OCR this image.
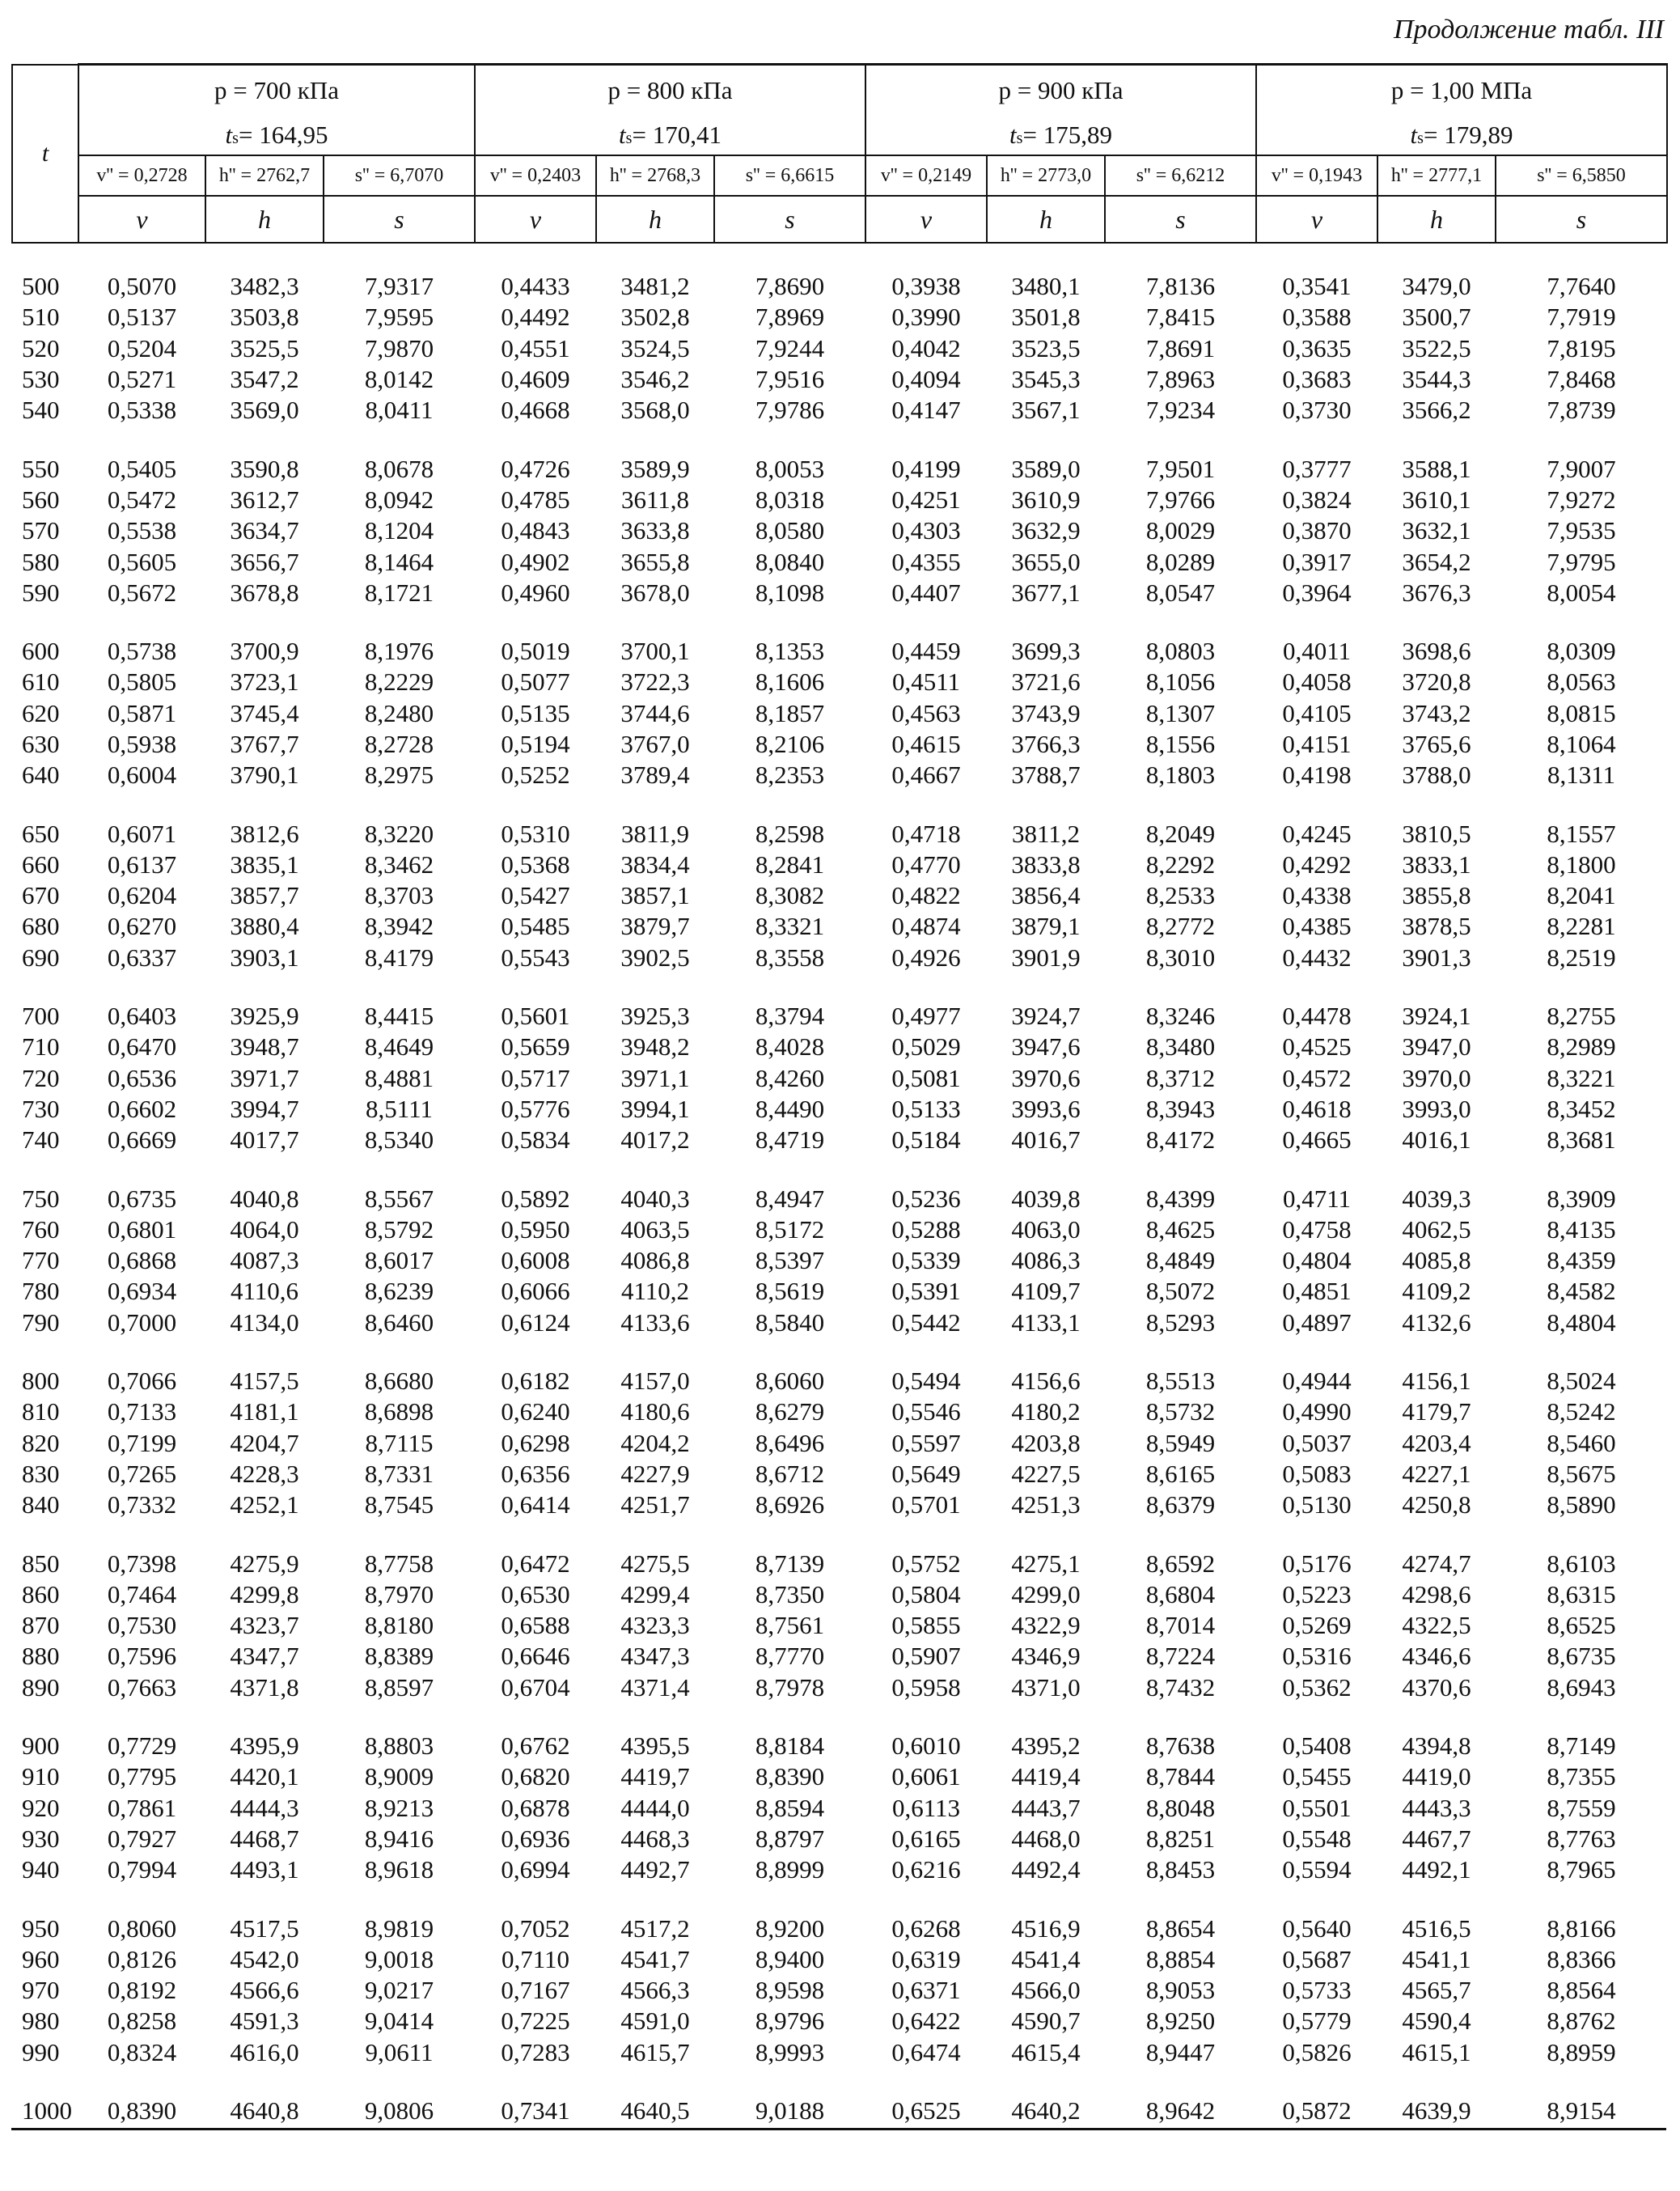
Продолжение табл. III
t	p = 700 кПа			p = 800 кПа			p = 900 кПа			p = 1,00 МПа		
	ts= 164,95			ts= 170,41			ts= 175,89			ts= 179,89		
	v'' = 0,2728	h'' = 2762,7	s'' = 6,7070	v'' = 0,2403	h'' = 2768,3	s'' = 6,6615	v'' = 0,2149	h'' = 2773,0	s'' = 6,6212	v'' = 0,1943	h'' = 2777,1	s'' = 6,5850
	v	h	s	v	h	s	v	h	s	v	h	s

500	0,5070	3482,3	7,9317	0,4433	3481,2	7,8690	0,3938	3480,1	7,8136	0,3541	3479,0	7,7640
510	0,5137	3503,8	7,9595	0,4492	3502,8	7,8969	0,3990	3501,8	7,8415	0,3588	3500,7	7,7919
520	0,5204	3525,5	7,9870	0,4551	3524,5	7,9244	0,4042	3523,5	7,8691	0,3635	3522,5	7,8195
530	0,5271	3547,2	8,0142	0,4609	3546,2	7,9516	0,4094	3545,3	7,8963	0,3683	3544,3	7,8468
540	0,5338	3569,0	8,0411	0,4668	3568,0	7,9786	0,4147	3567,1	7,9234	0,3730	3566,2	7,8739

550	0,5405	3590,8	8,0678	0,4726	3589,9	8,0053	0,4199	3589,0	7,9501	0,3777	3588,1	7,9007
560	0,5472	3612,7	8,0942	0,4785	3611,8	8,0318	0,4251	3610,9	7,9766	0,3824	3610,1	7,9272
570	0,5538	3634,7	8,1204	0,4843	3633,8	8,0580	0,4303	3632,9	8,0029	0,3870	3632,1	7,9535
580	0,5605	3656,7	8,1464	0,4902	3655,8	8,0840	0,4355	3655,0	8,0289	0,3917	3654,2	7,9795
590	0,5672	3678,8	8,1721	0,4960	3678,0	8,1098	0,4407	3677,1	8,0547	0,3964	3676,3	8,0054

600	0,5738	3700,9	8,1976	0,5019	3700,1	8,1353	0,4459	3699,3	8,0803	0,4011	3698,6	8,0309
610	0,5805	3723,1	8,2229	0,5077	3722,3	8,1606	0,4511	3721,6	8,1056	0,4058	3720,8	8,0563
620	0,5871	3745,4	8,2480	0,5135	3744,6	8,1857	0,4563	3743,9	8,1307	0,4105	3743,2	8,0815
630	0,5938	3767,7	8,2728	0,5194	3767,0	8,2106	0,4615	3766,3	8,1556	0,4151	3765,6	8,1064
640	0,6004	3790,1	8,2975	0,5252	3789,4	8,2353	0,4667	3788,7	8,1803	0,4198	3788,0	8,1311

650	0,6071	3812,6	8,3220	0,5310	3811,9	8,2598	0,4718	3811,2	8,2049	0,4245	3810,5	8,1557
660	0,6137	3835,1	8,3462	0,5368	3834,4	8,2841	0,4770	3833,8	8,2292	0,4292	3833,1	8,1800
670	0,6204	3857,7	8,3703	0,5427	3857,1	8,3082	0,4822	3856,4	8,2533	0,4338	3855,8	8,2041
680	0,6270	3880,4	8,3942	0,5485	3879,7	8,3321	0,4874	3879,1	8,2772	0,4385	3878,5	8,2281
690	0,6337	3903,1	8,4179	0,5543	3902,5	8,3558	0,4926	3901,9	8,3010	0,4432	3901,3	8,2519

700	0,6403	3925,9	8,4415	0,5601	3925,3	8,3794	0,4977	3924,7	8,3246	0,4478	3924,1	8,2755
710	0,6470	3948,7	8,4649	0,5659	3948,2	8,4028	0,5029	3947,6	8,3480	0,4525	3947,0	8,2989
720	0,6536	3971,7	8,4881	0,5717	3971,1	8,4260	0,5081	3970,6	8,3712	0,4572	3970,0	8,3221
730	0,6602	3994,7	8,5111	0,5776	3994,1	8,4490	0,5133	3993,6	8,3943	0,4618	3993,0	8,3452
740	0,6669	4017,7	8,5340	0,5834	4017,2	8,4719	0,5184	4016,7	8,4172	0,4665	4016,1	8,3681

750	0,6735	4040,8	8,5567	0,5892	4040,3	8,4947	0,5236	4039,8	8,4399	0,4711	4039,3	8,3909
760	0,6801	4064,0	8,5792	0,5950	4063,5	8,5172	0,5288	4063,0	8,4625	0,4758	4062,5	8,4135
770	0,6868	4087,3	8,6017	0,6008	4086,8	8,5397	0,5339	4086,3	8,4849	0,4804	4085,8	8,4359
780	0,6934	4110,6	8,6239	0,6066	4110,2	8,5619	0,5391	4109,7	8,5072	0,4851	4109,2	8,4582
790	0,7000	4134,0	8,6460	0,6124	4133,6	8,5840	0,5442	4133,1	8,5293	0,4897	4132,6	8,4804

800	0,7066	4157,5	8,6680	0,6182	4157,0	8,6060	0,5494	4156,6	8,5513	0,4944	4156,1	8,5024
810	0,7133	4181,1	8,6898	0,6240	4180,6	8,6279	0,5546	4180,2	8,5732	0,4990	4179,7	8,5242
820	0,7199	4204,7	8,7115	0,6298	4204,2	8,6496	0,5597	4203,8	8,5949	0,5037	4203,4	8,5460
830	0,7265	4228,3	8,7331	0,6356	4227,9	8,6712	0,5649	4227,5	8,6165	0,5083	4227,1	8,5675
840	0,7332	4252,1	8,7545	0,6414	4251,7	8,6926	0,5701	4251,3	8,6379	0,5130	4250,8	8,5890

850	0,7398	4275,9	8,7758	0,6472	4275,5	8,7139	0,5752	4275,1	8,6592	0,5176	4274,7	8,6103
860	0,7464	4299,8	8,7970	0,6530	4299,4	8,7350	0,5804	4299,0	8,6804	0,5223	4298,6	8,6315
870	0,7530	4323,7	8,8180	0,6588	4323,3	8,7561	0,5855	4322,9	8,7014	0,5269	4322,5	8,6525
880	0,7596	4347,7	8,8389	0,6646	4347,3	8,7770	0,5907	4346,9	8,7224	0,5316	4346,6	8,6735
890	0,7663	4371,8	8,8597	0,6704	4371,4	8,7978	0,5958	4371,0	8,7432	0,5362	4370,6	8,6943

900	0,7729	4395,9	8,8803	0,6762	4395,5	8,8184	0,6010	4395,2	8,7638	0,5408	4394,8	8,7149
910	0,7795	4420,1	8,9009	0,6820	4419,7	8,8390	0,6061	4419,4	8,7844	0,5455	4419,0	8,7355
920	0,7861	4444,3	8,9213	0,6878	4444,0	8,8594	0,6113	4443,7	8,8048	0,5501	4443,3	8,7559
930	0,7927	4468,7	8,9416	0,6936	4468,3	8,8797	0,6165	4468,0	8,8251	0,5548	4467,7	8,7763
940	0,7994	4493,1	8,9618	0,6994	4492,7	8,8999	0,6216	4492,4	8,8453	0,5594	4492,1	8,7965

950	0,8060	4517,5	8,9819	0,7052	4517,2	8,9200	0,6268	4516,9	8,8654	0,5640	4516,5	8,8166
960	0,8126	4542,0	9,0018	0,7110	4541,7	8,9400	0,6319	4541,4	8,8854	0,5687	4541,1	8,8366
970	0,8192	4566,6	9,0217	0,7167	4566,3	8,9598	0,6371	4566,0	8,9053	0,5733	4565,7	8,8564
980	0,8258	4591,3	9,0414	0,7225	4591,0	8,9796	0,6422	4590,7	8,9250	0,5779	4590,4	8,8762
990	0,8324	4616,0	9,0611	0,7283	4615,7	8,9993	0,6474	4615,4	8,9447	0,5826	4615,1	8,8959

1000	0,8390	4640,8	9,0806	0,7341	4640,5	9,0188	0,6525	4640,2	8,9642	0,5872	4639,9	8,9154
